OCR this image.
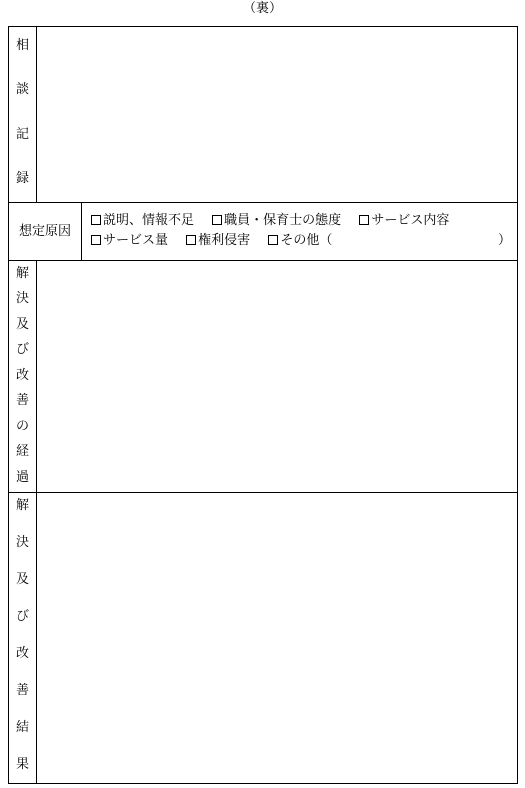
（裏）
相
談
記
録
想定原因
説明、情報不足 職員・保育士の態度 サービス内容
サービス量 権利侵害 その他（	）
解
決
及
び
改
善
の
経
過
解
決
及
び
改
善
結
果
